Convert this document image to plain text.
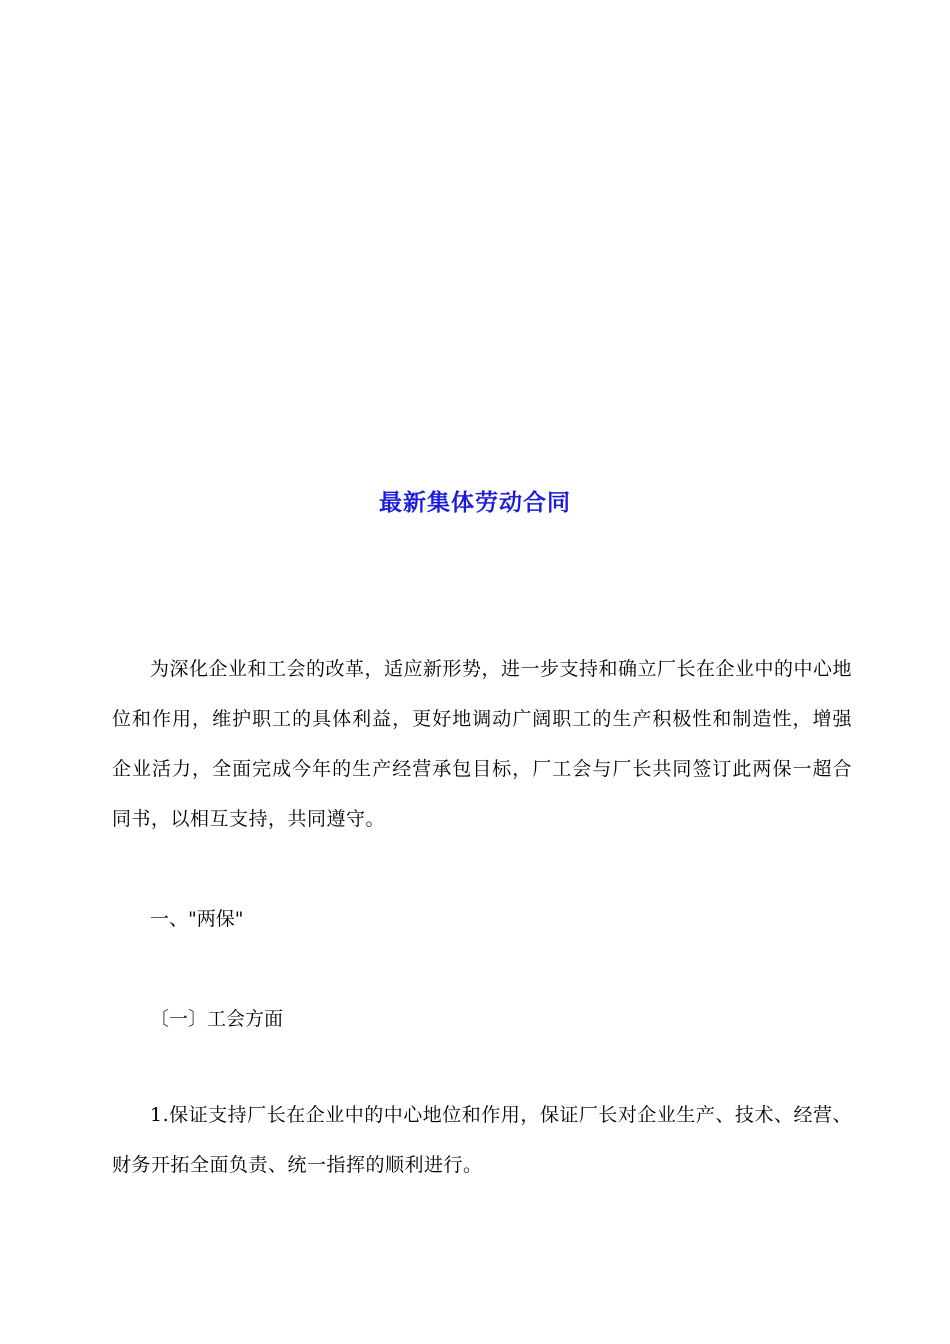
最新集体劳动合同
为深化企业和工会的改革，适应新形势，进一步支持和确立厂长在企业中的中心地位和作用，维护职工的具体利益，更好地调动广阔职工的生产积极性和制造性，增强企业活力，全面完成今年的生产经营承包目标，厂工会与厂长共同签订此两保一超合同书，以相互支持，共同遵守。
一、"两保"
〔一〕工会方面
1.保证支持厂长在企业中的中心地位和作用，保证厂长对企业生产、技术、经营、财务开拓全面负责、统一指挥的顺利进行。
